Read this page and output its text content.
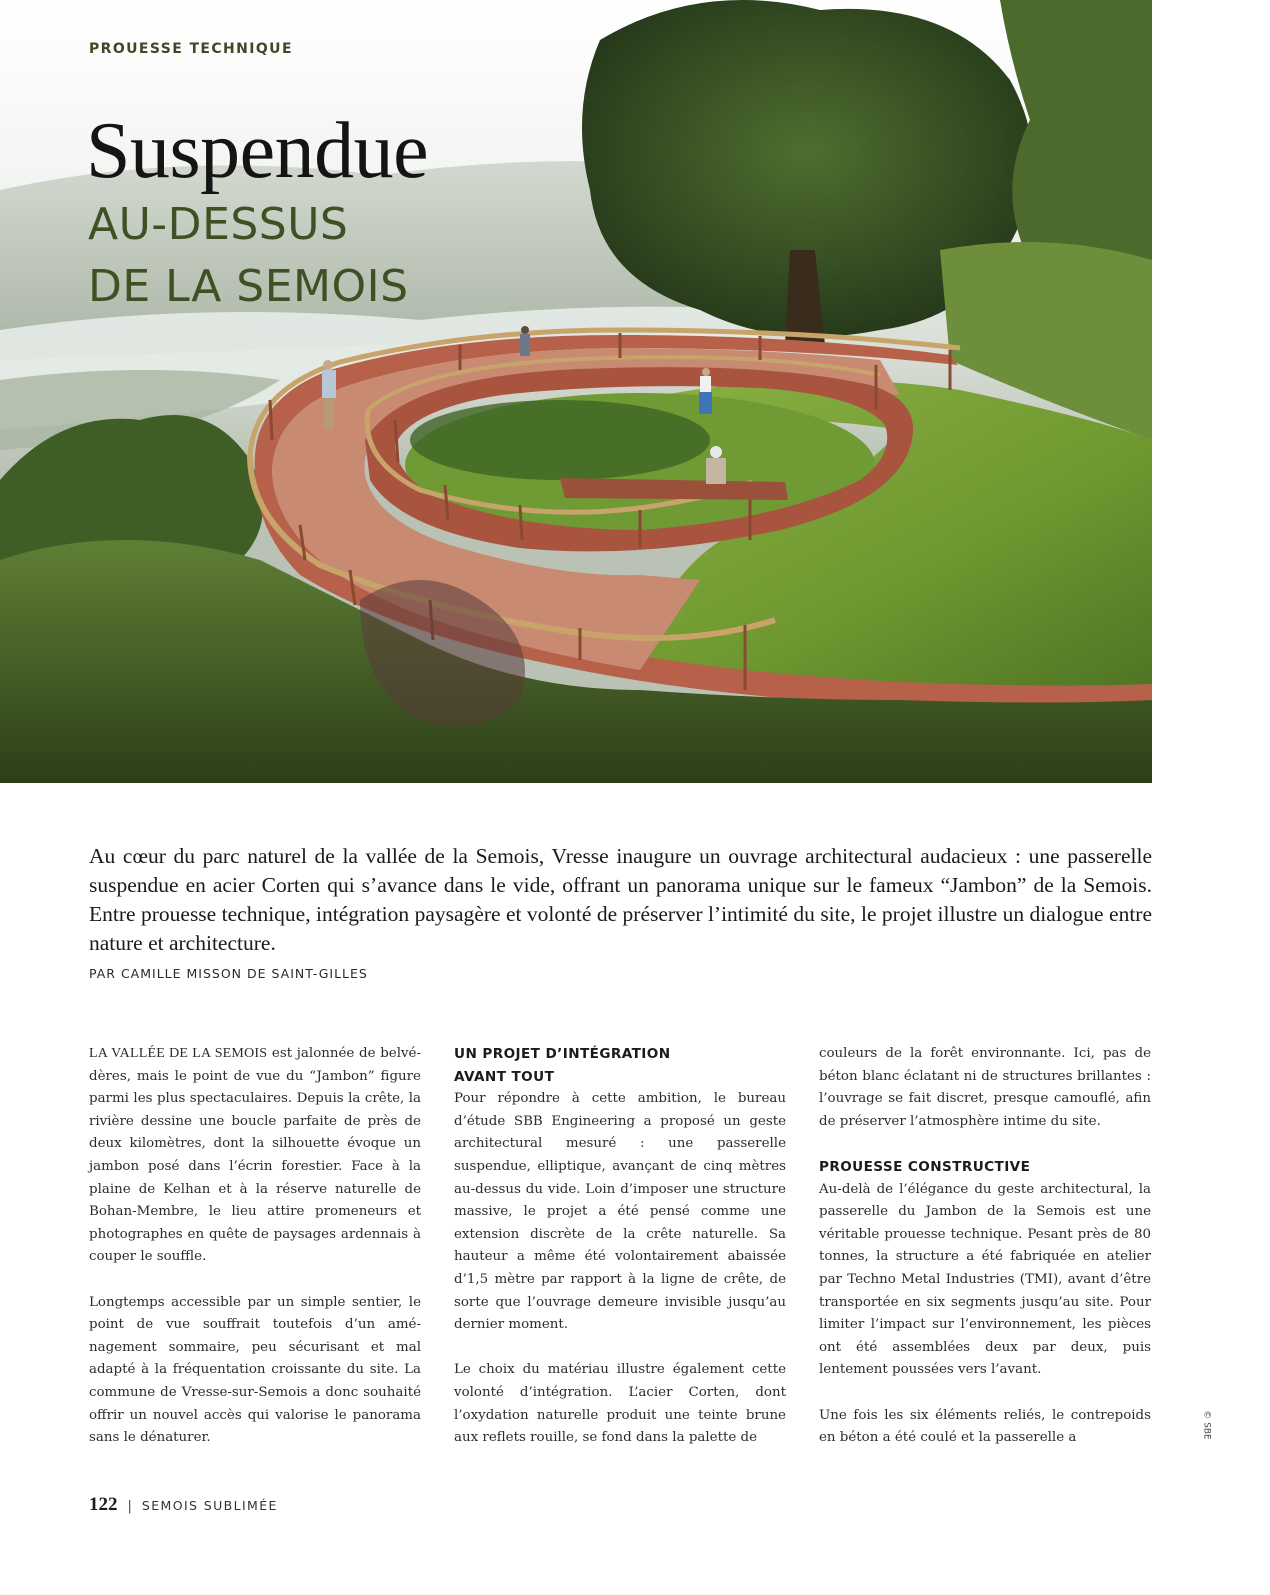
PROUESSE TECHNIQUE
Suspendue
AU-DESSUS
DE LA SEMOIS
Au cœur du parc naturel de la vallée de la Semois, Vresse inaugure un ouvrage architectural audacieux : une passerelle suspendue en acier Corten qui s’avance dans le vide, offrant un panorama unique sur le fameux “Jambon” de la Semois. Entre prouesse technique, intégration paysagère et volonté de préserver l’intimité du site, le projet illustre un dialogue entre nature et architecture.
PAR CAMILLE MISSON DE SAINT-GILLES

LA VALLÉE DE LA SEMOIS est jalonnée de belvédères, mais le point de vue du “Jambon” figure parmi les plus spectaculaires. Depuis la crête, la rivière dessine une boucle parfaite de près de deux kilomètres, dont la silhouette évoque un jambon posé dans l’écrin forestier. Face à la plaine de Kelhan et à la réserve naturelle de Bohan-Membre, le lieu attire promeneurs et photographes en quête de paysages ardennais à couper le souffle.

Longtemps accessible par un simple sentier, le point de vue souffrait toutefois d’un aménagement sommaire, peu sécurisant et mal adapté à la fréquentation croissante du site. La commune de Vresse-sur-Semois a donc souhaité offrir un nouvel accès qui valorise le panorama sans le dénaturer.

UN PROJET D’INTÉGRATION
AVANT TOUT

Pour répondre à cette ambition, le bureau d’étude SBB Engineering a proposé un geste architectural mesuré : une passerelle suspendue, elliptique, avançant de cinq mètres au-dessus du vide. Loin d’imposer une structure massive, le projet a été pensé comme une extension discrète de la crête naturelle. Sa hauteur a même été volontairement abaissée d’1,5 mètre par rapport à la ligne de crête, de sorte que l’ouvrage demeure invisible jusqu’au dernier moment.

Le choix du matériau illustre également cette volonté d’intégration. L’acier Corten, dont l’oxydation naturelle produit une teinte brune aux reflets rouille, se fond dans la palette de

couleurs de la forêt environnante. Ici, pas de béton blanc éclatant ni de structures brillantes : l’ouvrage se fait discret, presque camouflé, afin de préserver l’atmosphère intime du site.

PROUESSE CONSTRUCTIVE

Au-delà de l’élégance du geste architectural, la passerelle du Jambon de la Semois est une véritable prouesse technique. Pesant près de 80 tonnes, la structure a été fabriquée en atelier par Techno Metal Industries (TMI), avant d’être transportée en six segments jusqu’au site. Pour limiter l’impact sur l’environnement, les pièces ont été assemblées deux par deux, puis lentement poussées vers l’avant.

Une fois les six éléments reliés, le contrepoids en béton a été coulé et la passerelle a

122 | SEMOIS SUBLIMÉE
© SBE
